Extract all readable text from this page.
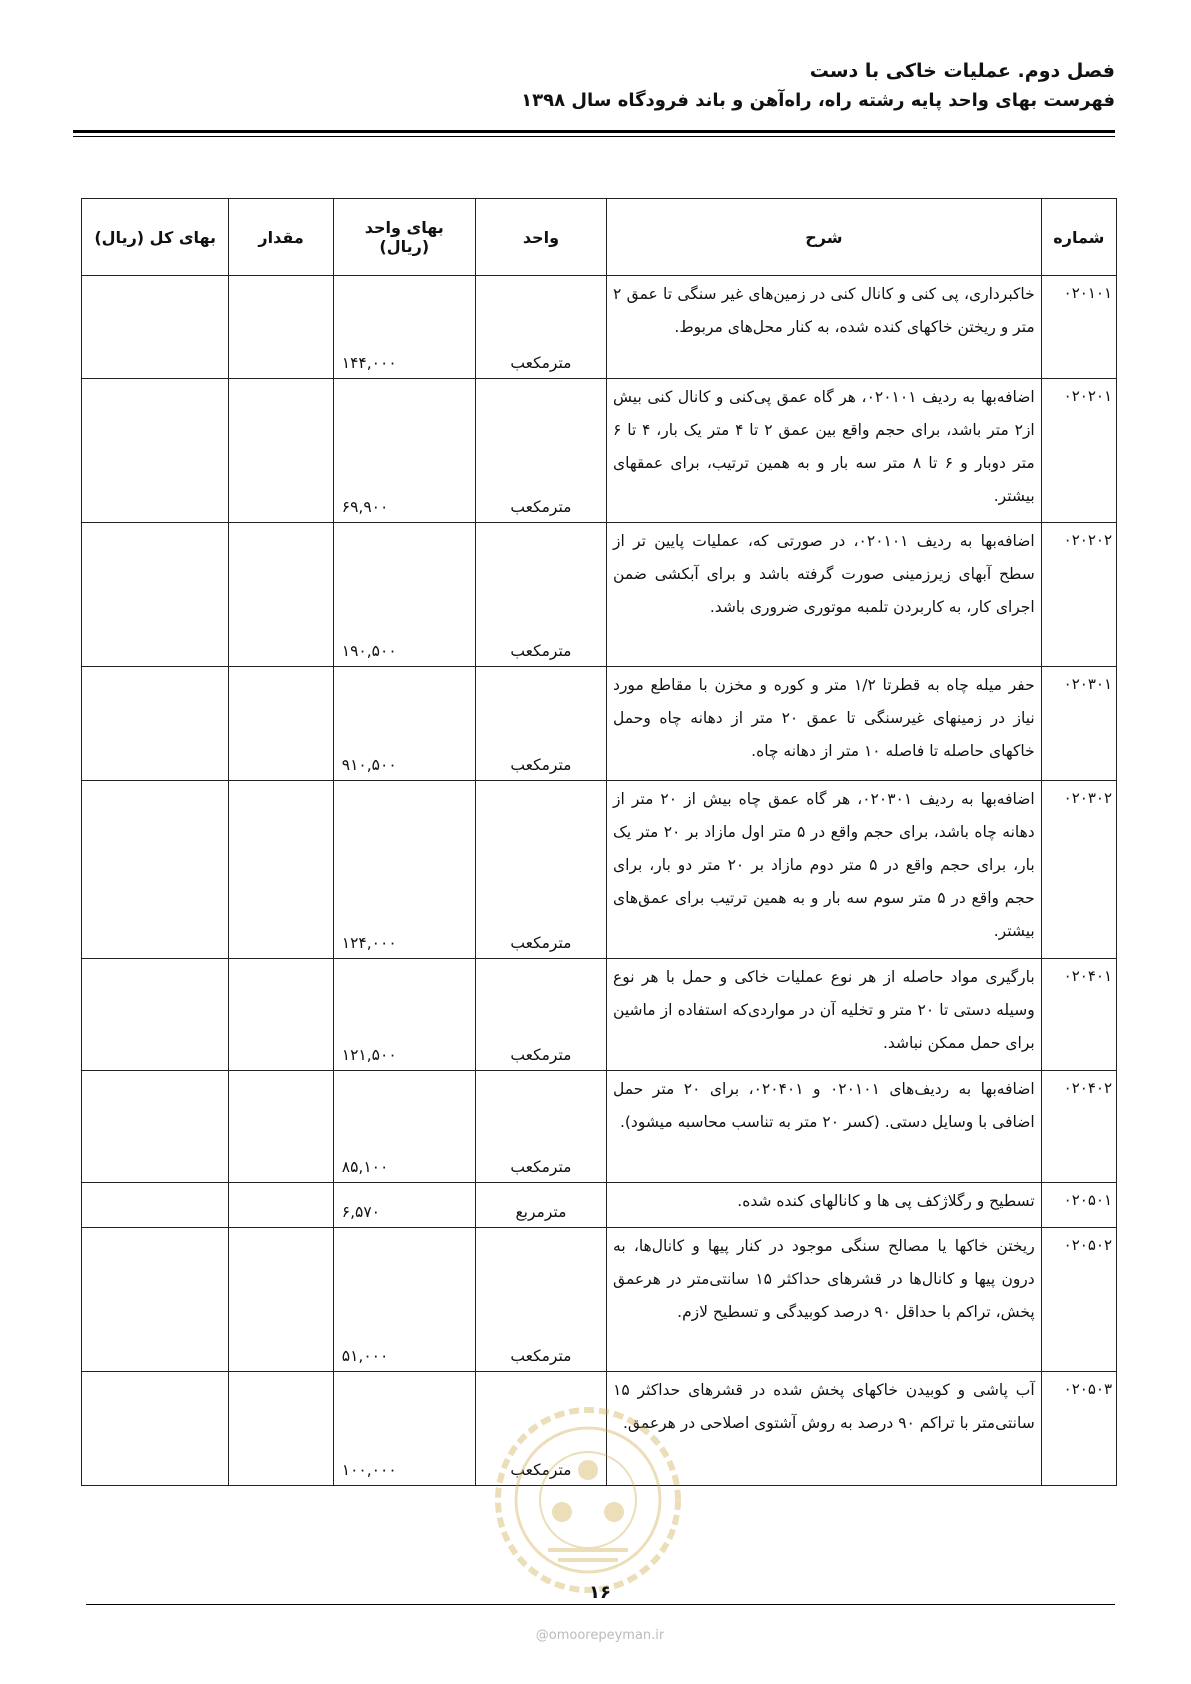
فصل دوم. عملیات خاکی با دست
فهرست بهای واحد پایه رشته راه، راه‌آهن و باند فرودگاه سال ۱۳۹۸
شماره	شرح	واحد	بهای واحد (ریال)	مقدار	بهای کل (ریال)
۰۲۰۱۰۱	خاکبرداری، پی کنی و کانال کنی در زمین‌های غیر سنگی تا عمق ۲ متر و ریختن خاکهای کنده شده، به کنار محل‌های مربوط.	مترمکعب	۱۴۴,۰۰۰		
۰۲۰۲۰۱	اضافه‌بها به ردیف ۰۲۰۱۰۱، هر گاه عمق پی‌کنی و کانال کنی بیش از۲ متر باشد، برای حجم واقع بین عمق ۲ تا ۴ متر یک بار، ۴ تا ۶ متر دوبار و ۶ تا ۸ متر سه بار و به همین ترتیب، برای عمقهای بیشتر.	مترمکعب	۶۹,۹۰۰		
۰۲۰۲۰۲	اضافه‌بها به ردیف ۰۲۰۱۰۱، در صورتی که، عملیات پایین تر از سطح آبهای زیرزمینی صورت گرفته باشد و برای آبکشی ضمن اجرای کار، به کاربردن تلمبه موتوری ضروری باشد.	مترمکعب	۱۹۰,۵۰۰		
۰۲۰۳۰۱	حفر میله چاه به قطرتا ۱/۲ متر و کوره و مخزن با مقاطع مورد نیاز در زمینهای غیرسنگی تا عمق ۲۰ متر از دهانه چاه وحمل خاکهای حاصله تا فاصله ۱۰ متر از دهانه چاه.	مترمکعب	۹۱۰,۵۰۰		
۰۲۰۳۰۲	اضافه‌بها به ردیف ۰۲۰۳۰۱، هر گاه عمق چاه بیش از ۲۰ متر از دهانه چاه باشد، برای حجم واقع در ۵ متر اول مازاد بر ۲۰ متر یک بار، برای حجم واقع در ۵ متر دوم مازاد بر ۲۰ متر دو بار، برای حجم واقع در ۵ متر سوم سه بار و به همین ترتیب برای عمق‌های بیشتر.	مترمکعب	۱۲۴,۰۰۰		
۰۲۰۴۰۱	بارگیری مواد حاصله از هر نوع عملیات خاکی و حمل با هر نوع وسیله دستی تا ۲۰ متر و تخلیه آن در مواردی‌که استفاده از ماشین برای حمل ممکن نباشد.	مترمکعب	۱۲۱,۵۰۰		
۰۲۰۴۰۲	اضافه‌بها به ردیف‌های ۰۲۰۱۰۱ و ۰۲۰۴۰۱، برای ۲۰ متر حمل اضافی با وسایل دستی. (کسر ۲۰ متر به تناسب محاسبه میشود).	مترمکعب	۸۵,۱۰۰		
۰۲۰۵۰۱	تسطیح و رگلاژکف پی ها و کانالهای کنده شده.	مترمربع	۶,۵۷۰		
۰۲۰۵۰۲	ریختن خاکها یا مصالح سنگی موجود در کنار پیها و کانال‌ها، به درون پیها و کانال‌ها در قشرهای حداکثر ۱۵ سانتی‌متر در هرعمق پخش، تراکم با حداقل ۹۰ درصد کوبیدگی و تسطیح لازم.	مترمکعب	۵۱,۰۰۰		
۰۲۰۵۰۳	آب پاشی و کوبیدن خاکهای پخش شده در قشرهای حداکثر ۱۵ سانتی‌متر با تراکم ۹۰ درصد به روش آشتوی اصلاحی در هرعمق.	مترمکعب	۱۰۰,۰۰۰		
۱۶
@omoorepeyman.ir
